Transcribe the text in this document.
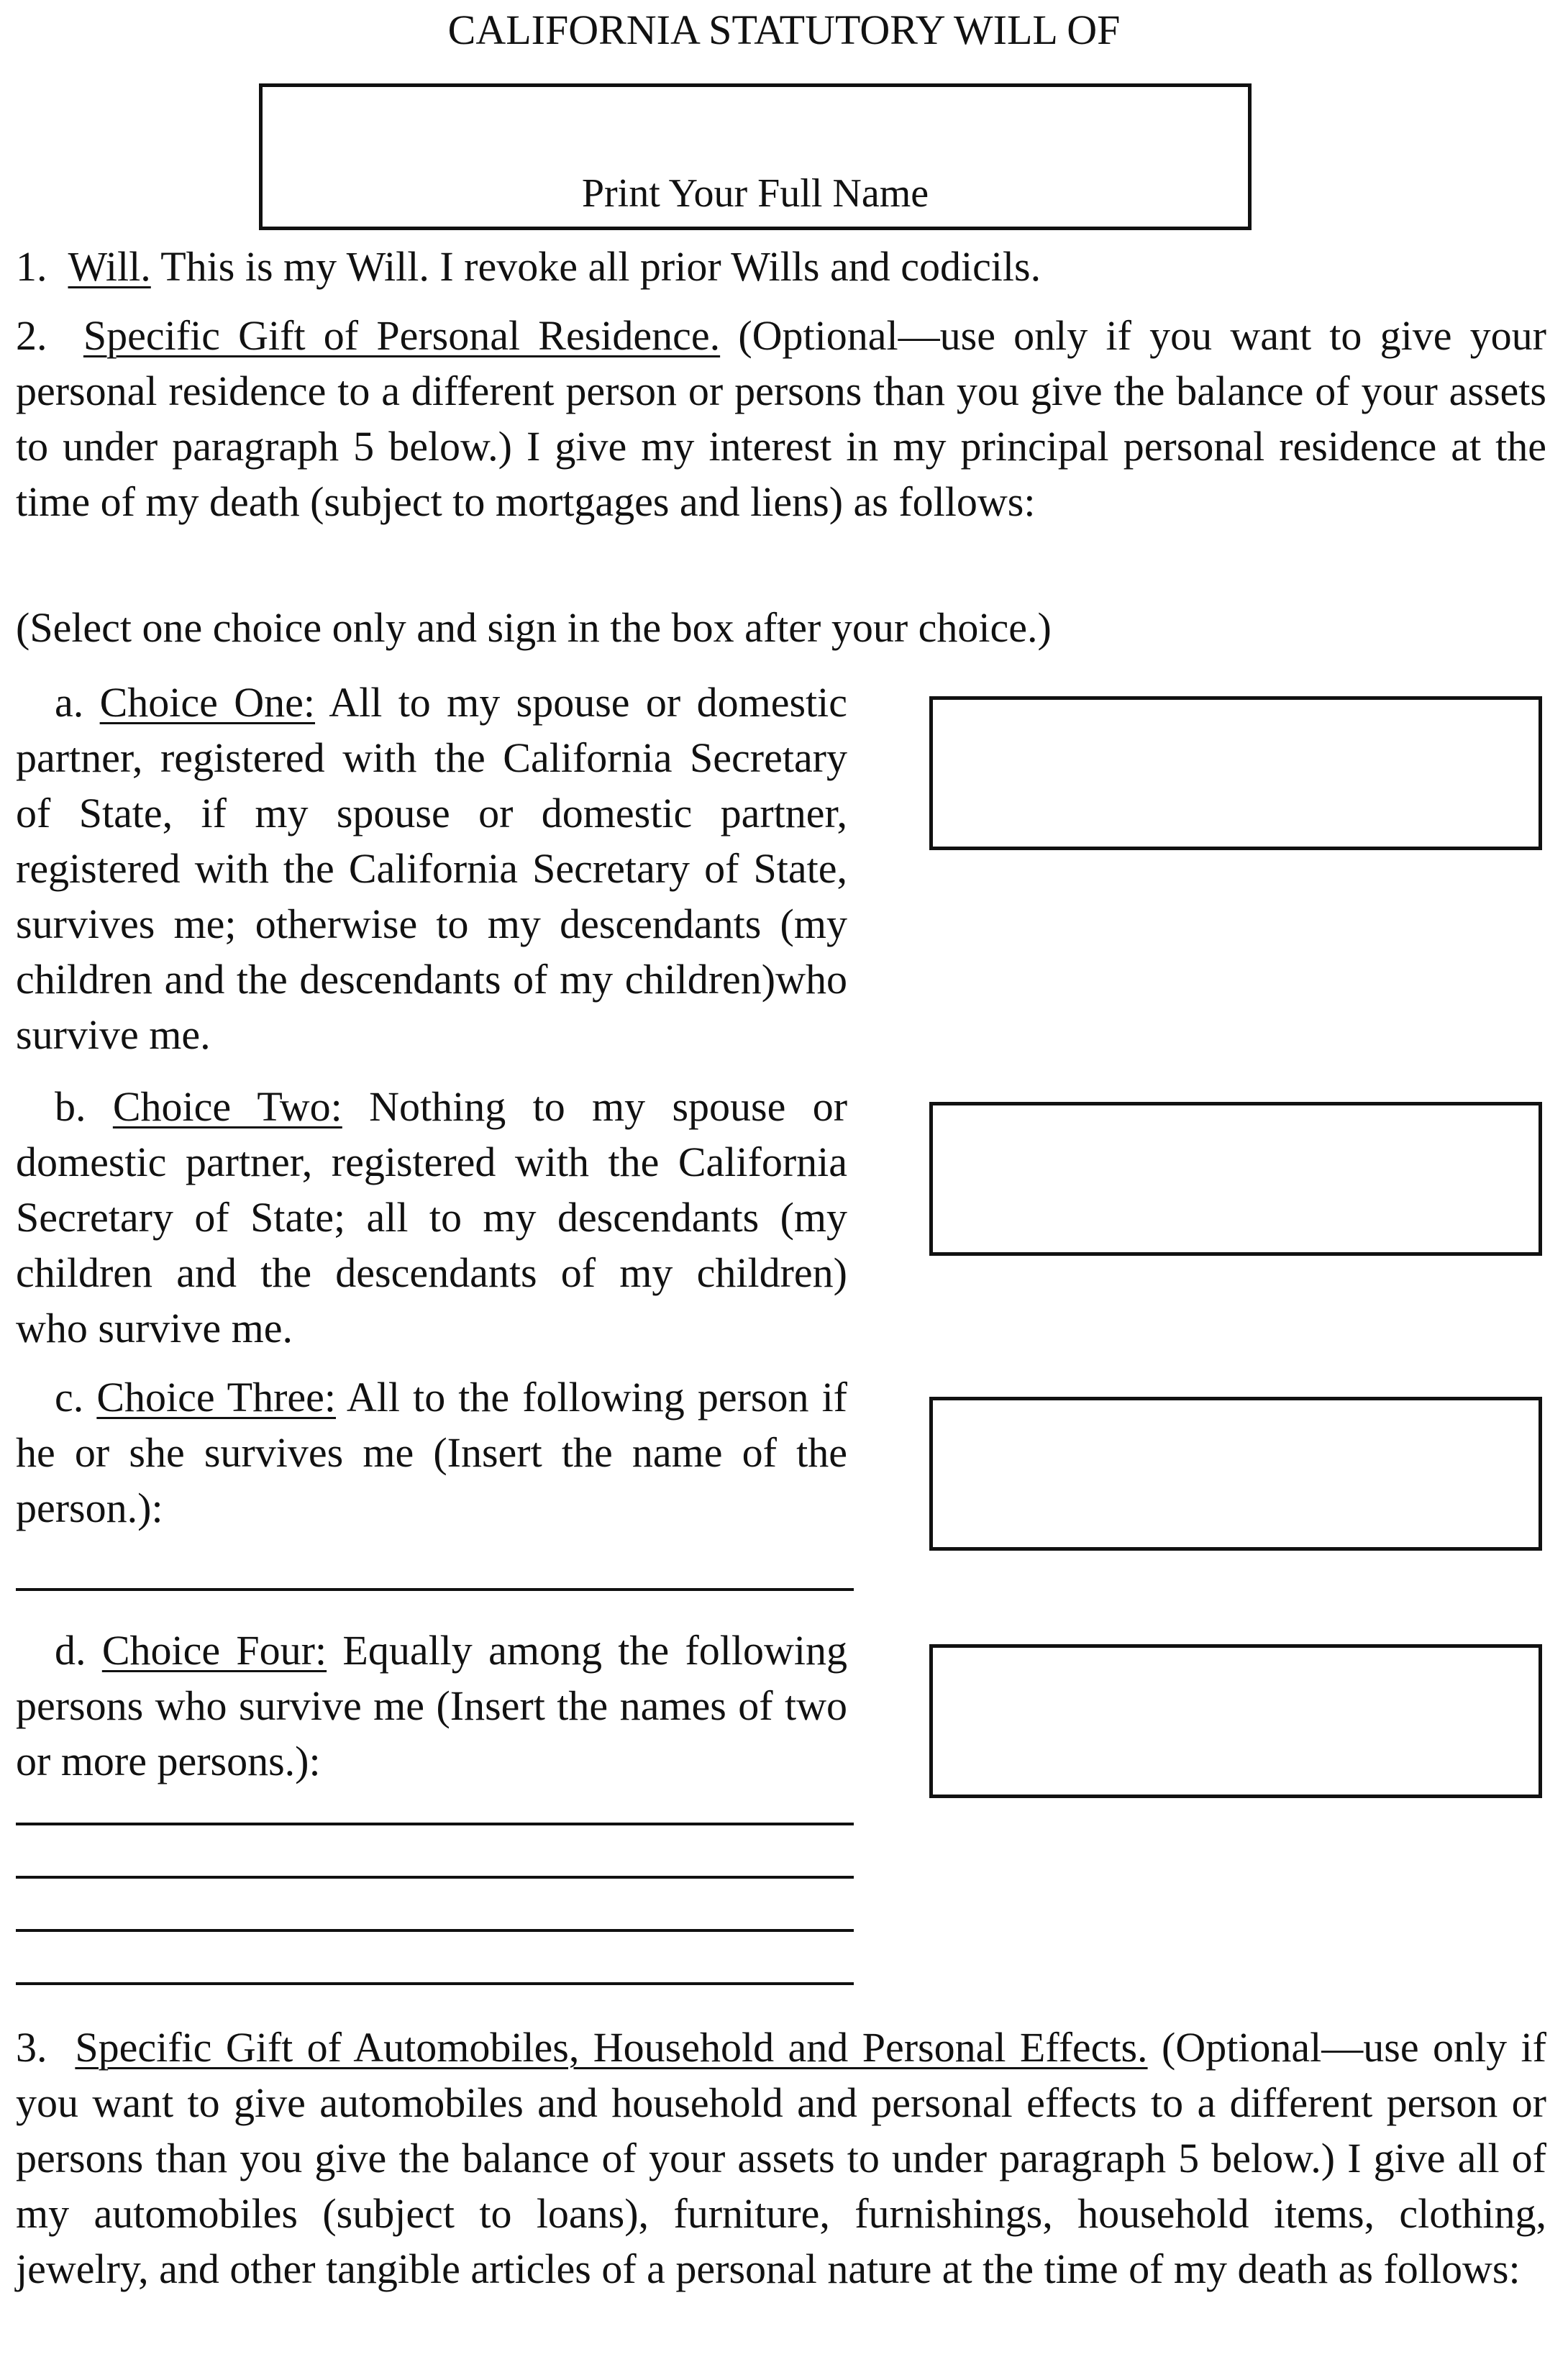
CALIFORNIA STATUTORY WILL OF
Print Your Full Name
1. Will. This is my Will. I revoke all prior Wills and codicils.
2. Specific Gift of Personal Residence. (Optional—use only if you want to give your personal residence to a different person or persons than you give the balance of your assets to under paragraph 5 below.) I give my interest in my principal personal residence at the time of my death (subject to mortgages and liens) as follows:
(Select one choice only and sign in the box after your choice.)
a. Choice One: All to my spouse or domestic partner, registered with the California Secretary of State, if my spouse or domestic partner, registered with the California Secretary of State, survives me; otherwise to my descendants (my children and the descendants of my children)who survive me.
b. Choice Two: Nothing to my spouse or domestic partner, registered with the California Secretary of State; all to my descendants (my children and the descendants of my children) who survive me.
c. Choice Three: All to the following person if he or she survives me (Insert the name of the person.):
d. Choice Four: Equally among the following persons who survive me (Insert the names of two or more persons.):
3. Specific Gift of Automobiles, Household and Personal Effects. (Optional—use only if you want to give automobiles and household and personal effects to a different person or persons than you give the balance of your assets to under paragraph 5 below.) I give all of my automobiles (subject to loans), furniture, furnishings, household items, clothing, jewelry, and other tangible articles of a personal nature at the time of my death as follows:
